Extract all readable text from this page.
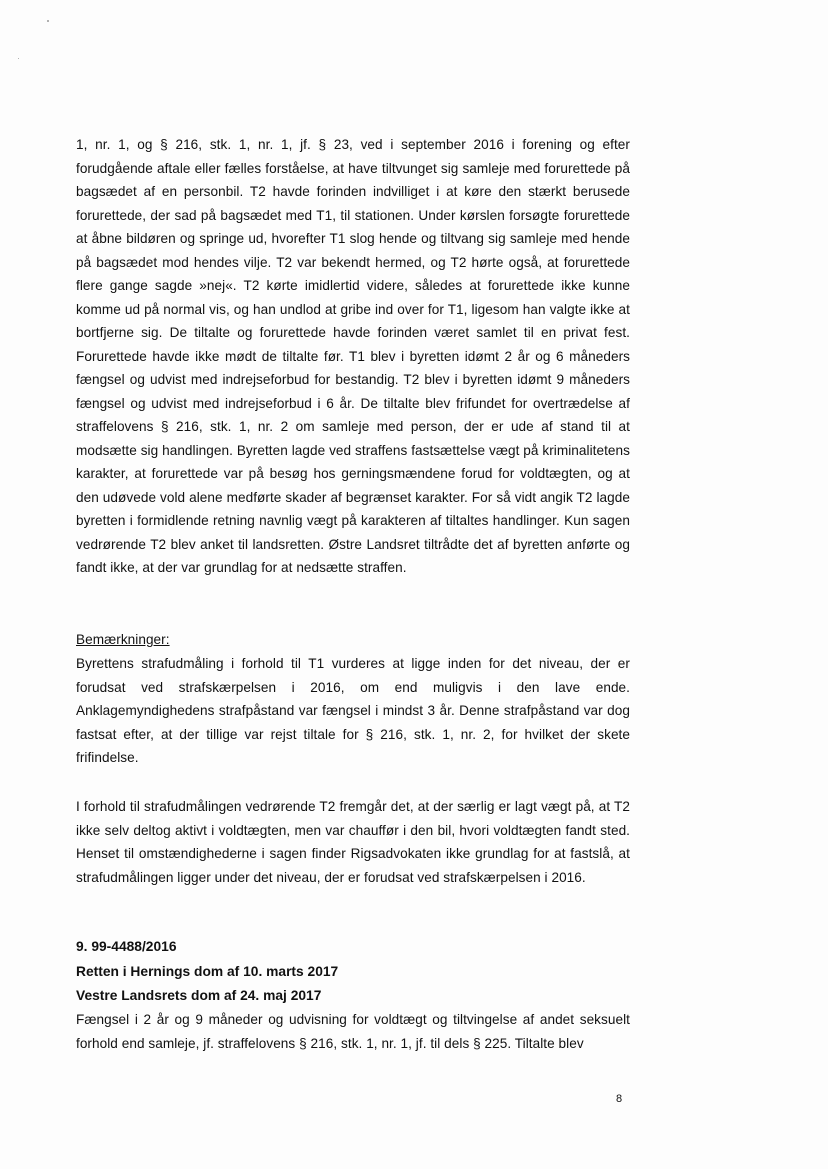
1, nr. 1, og § 216, stk. 1, nr. 1, jf. § 23, ved i september 2016 i forening og efter forudgående aftale eller fælles forståelse, at have tiltvunget sig samleje med forurettede på bagsædet af en personbil. T2 havde forinden indvilliget i at køre den stærkt berusede forurettede, der sad på bagsædet med T1, til stationen. Under kørslen forsøgte forurettede at åbne bildøren og springe ud, hvorefter T1 slog hende og tiltvang sig samleje med hende på bagsædet mod hendes vilje. T2 var bekendt hermed, og T2 hørte også, at forurettede flere gange sagde »nej«. T2 kørte imidlertid videre, således at forurettede ikke kunne komme ud på normal vis, og han undlod at gribe ind over for T1, ligesom han valgte ikke at bortfjerne sig. De tiltalte og forurettede havde forinden været samlet til en privat fest. Forurettede havde ikke mødt de tiltalte før. T1 blev i byretten idømt 2 år og 6 måneders fængsel og udvist med indrejseforbud for bestandig. T2 blev i byretten idømt 9 måneders fængsel og udvist med indrejseforbud i 6 år. De tiltalte blev frifundet for overtrædelse af straffelovens § 216, stk. 1, nr. 2 om samleje med person, der er ude af stand til at modsætte sig handlingen. Byretten lagde ved straffens fastsættelse vægt på kriminalitetens karakter, at forurettede var på besøg hos gerningsmændene forud for voldtægten, og at den udøvede vold alene medførte skader af begrænset karakter. For så vidt angik T2 lagde byretten i formidlende retning navnlig vægt på karakteren af tiltaltes handlinger. Kun sagen vedrørende T2 blev anket til landsretten. Østre Landsret tiltrådte det af byretten anførte og fandt ikke, at der var grundlag for at nedsætte straffen.

Bemærkninger:

Byrettens strafudmåling i forhold til T1 vurderes at ligge inden for det niveau, der er forudsat ved strafskærpelsen i 2016, om end muligvis i den lave ende. Anklagemyndighedens strafpåstand var fængsel i mindst 3 år. Denne strafpåstand var dog fastsat efter, at der tillige var rejst tiltale for § 216, stk. 1, nr. 2, for hvilket der skete frifindelse.

I forhold til strafudmålingen vedrørende T2 fremgår det, at der særlig er lagt vægt på, at T2 ikke selv deltog aktivt i voldtægten, men var chauffør i den bil, hvori voldtægten fandt sted. Henset til omstændighederne i sagen finder Rigsadvokaten ikke grundlag for at fastslå, at strafudmålingen ligger under det niveau, der er forudsat ved strafskærpelsen i 2016.

9. 99-4488/2016
Retten i Hernings dom af 10. marts 2017
Vestre Landsrets dom af 24. maj 2017

Fængsel i 2 år og 9 måneder og udvisning for voldtægt og tiltvingelse af andet seksuelt forhold end samleje, jf. straffelovens § 216, stk. 1, nr. 1, jf. til dels § 225. Tiltalte blev

8
